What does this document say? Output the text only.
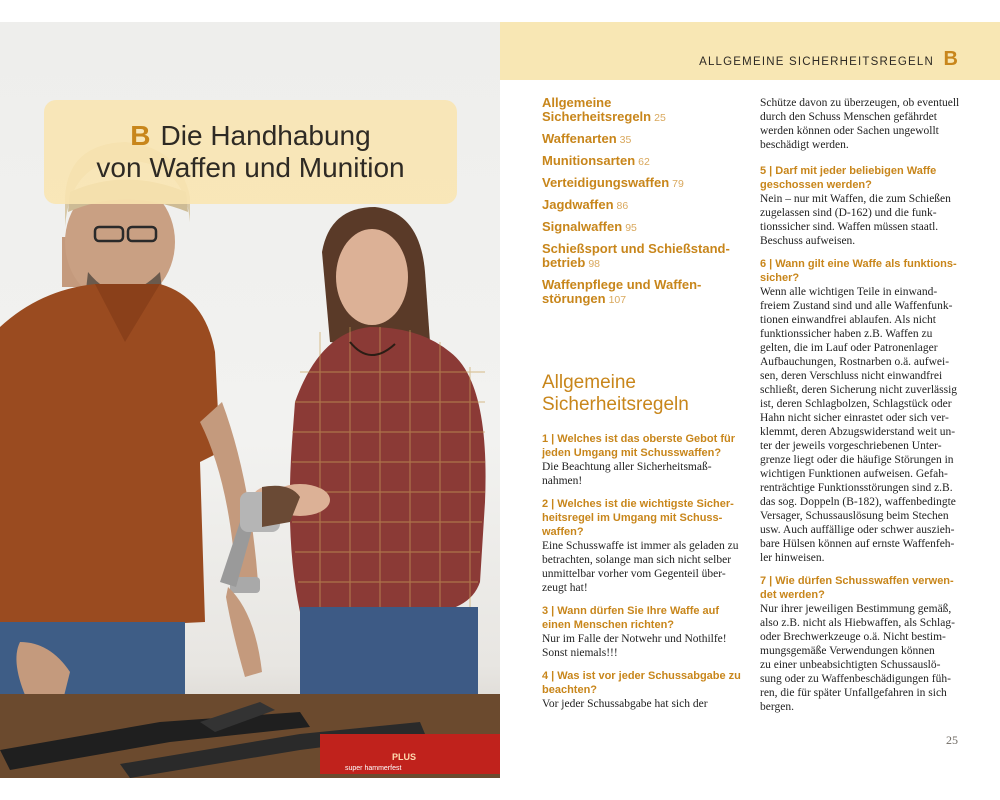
super hammerfest
PLUS
B Die Handhabung
von Waffen und Munition
ALLGEMEINE SICHERHEITSREGELN B
Allgemeine Sicherheitsregeln 25
Waffenarten 35
Munitionsarten 62
Verteidigungswaffen 79
Jagdwaffen 86
Signalwaffen 95
Schießsport und Schießstand-
betrieb 98
Waffenpflege und Waffen-
störungen 107
Allgemeine
Sicherheitsregeln
1 | Welches ist das oberste Gebot für
jeden Umgang mit Schusswaffen?
Die Beachtung aller Sicherheitsmaß-
nahmen!
2 | Welches ist die wichtigste Sicher-
heitsregel im Umgang mit Schuss-
waffen?
Eine Schusswaffe ist immer als geladen zu
betrachten, solange man sich nicht selber
unmittelbar vorher vom Gegenteil über-
zeugt hat!
3 | Wann dürfen Sie Ihre Waffe auf
einen Menschen richten?
Nur im Falle der Notwehr und Nothilfe!
Sonst niemals!!!
4 | Was ist vor jeder Schussabgabe zu
beachten?
Vor jeder Schussabgabe hat sich der
Schütze davon zu überzeugen, ob eventuell
durch den Schuss Menschen gefährdet
werden können oder Sachen ungewollt
beschädigt werden.
5 | Darf mit jeder beliebigen Waffe
geschossen werden?
Nein – nur mit Waffen, die zum Schießen
zugelassen sind (D-162) und die funk-
tionssicher sind. Waffen müssen staatl.
Beschuss aufweisen.
6 | Wann gilt eine Waffe als funktions-
sicher?
Wenn alle wichtigen Teile in einwand-
freiem Zustand sind und alle Waffenfunk-
tionen einwandfrei ablaufen. Als nicht
funktionssicher haben z.B. Waffen zu
gelten, die im Lauf oder Patronenlager
Aufbauchungen, Rostnarben o.ä. aufwei-
sen, deren Verschluss nicht einwandfrei
schließt, deren Sicherung nicht zuverlässig
ist, deren Schlagbolzen, Schlagstück oder
Hahn nicht sicher einrastet oder sich ver-
klemmt, deren Abzugswiderstand weit un-
ter der jeweils vorgeschriebenen Unter-
grenze liegt oder die häufige Störungen in
wichtigen Funktionen aufweisen. Gefah-
renträchtige Funktionsstörungen sind z.B.
das sog. Doppeln (B-182), waffenbedingte
Versager, Schussauslösung beim Stechen
usw. Auch auffällige oder schwer auszieh-
bare Hülsen können auf ernste Waffenfeh-
ler hinweisen.
7 | Wie dürfen Schusswaffen verwen-
det werden?
Nur ihrer jeweiligen Bestimmung gemäß,
also z.B. nicht als Hiebwaffen, als Schlag-
oder Brechwerkzeuge o.ä. Nicht bestim-
mungsgemäße Verwendungen können
zu einer unbeabsichtigten Schussauslö-
sung oder zu Waffenbeschädigungen füh-
ren, die für später Unfallgefahren in sich
bergen.
25
